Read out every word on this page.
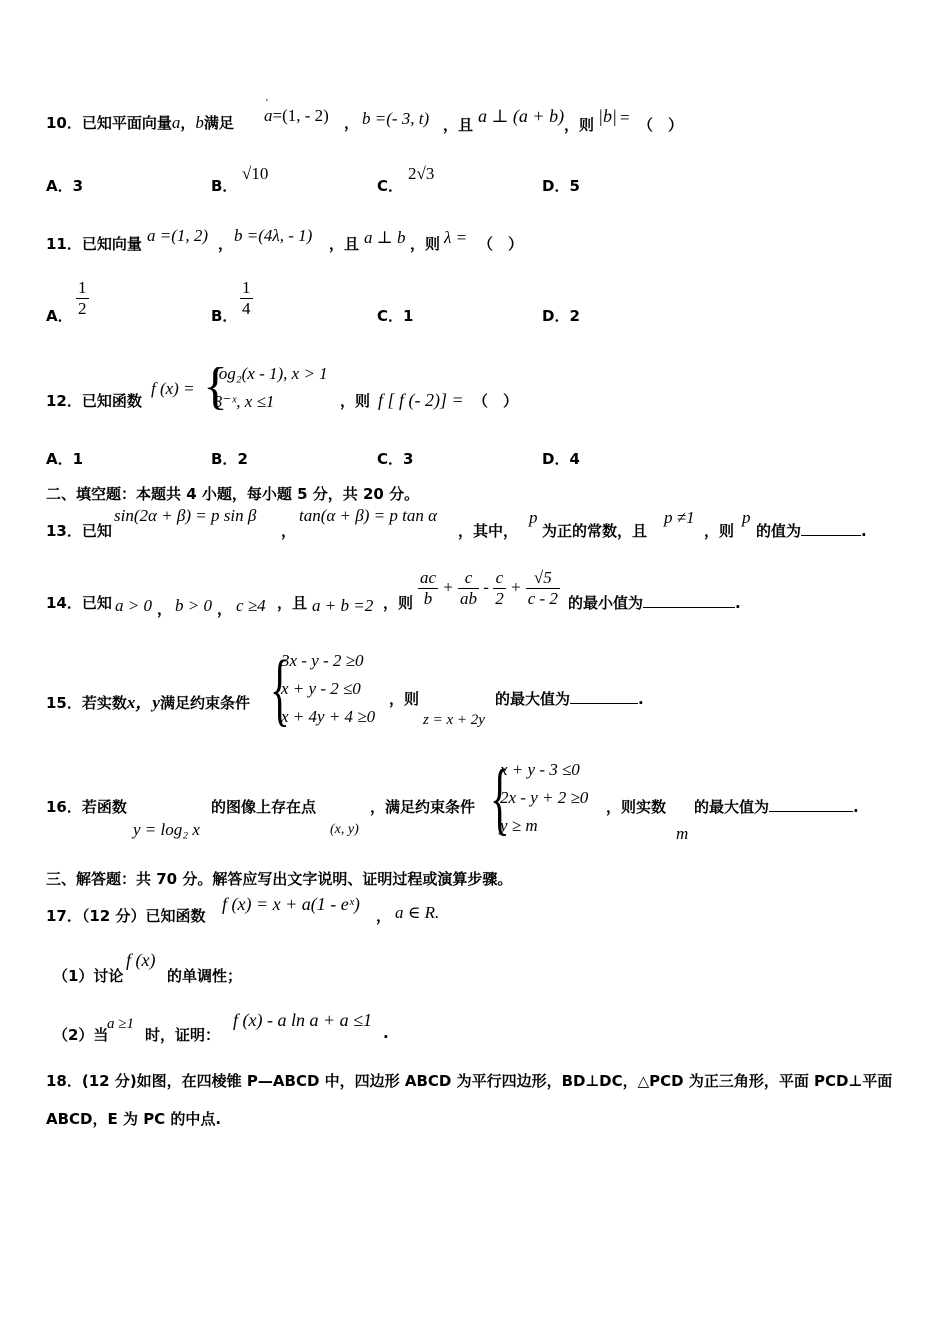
10．已知平面向量a，b满足
'
a=(1, - 2) ， b =(- 3, t) ，且 a ⊥ (a + b) ，则 |b| = （　）
A．3	B．
√10
C．
2√3
D．5
11．已知向量 a =(1, 2) ， b =(4λ, - 1) ，且 a ⊥ b ，则 λ = （　）
A． $\frac{1}{2}$	B． $\frac{1}{4}$	C．1	D．2
12．已知函数
f (x) = {
log₂(x - 1), x > 1
3⁻ˣ, x ≤1	，则 f [ f (- 2)] = （　）
A．1	B．2	C．3	D．4
二、填空题：本题共 4 小题，每小题 5 分，共 20 分。
13．已知
sin(2α + β) = p sin β
，
tan(α + β) = p tan α
，其中，
p
为正的常数，且
p ≠1
，则
p
的值为	.
14．已知 a > 0 ， b > 0 ， c ≥4 ，且 a + b =2 ，则 $\frac{ac}{b} + \frac{c}{ab} - \frac{c}{2} + \frac{√5}{c - 2}$ 的最小值为	.
15．若实数x，y满足约束条件 {
3x - y - 2 ≥0
x + y - 2 ≤0
x + 4y + 4 ≥0
，则
z = x + 2y
的最大值为	.
16．若函数
y = log₂ x
的图像上存在点
(x, y)
，满足约束条件 {
x + y - 3 ≤0
2x - y + 2 ≥0
y ≥ m
，则实数
m
的最大值为	.
三、解答题：共 70 分。解答应写出文字说明、证明过程或演算步骤。
17．（12 分）已知函数
f (x) = x + a(1 - eˣ)
， a ∈ R.
（1）讨论
f (x)
的单调性；
（2）当
a ≥1
时，证明：
f (x) - a ln a + a ≤1
.
18．(12 分)如图，在四棱锥 P—ABCD 中，四边形 ABCD 为平行四边形，BD⊥DC，△PCD 为正三角形，平面 PCD⊥平面
ABCD，E 为 PC 的中点.
